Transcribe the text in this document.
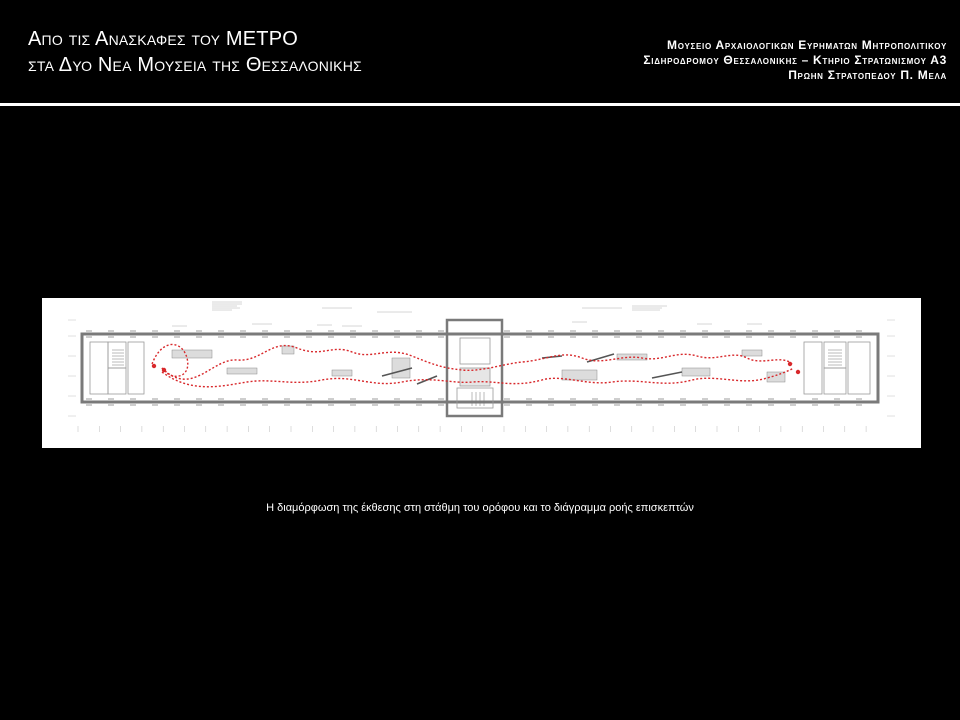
Απο τις Ανασκαφες του ΜΕΤΡΟ
στα Δυο Νεα Μουσεια της Θεσσαλονικης
Μουσειο Αρχαιολογικων Ευρηματων Μητροπολιτικου
Σιδηροδρομου Θεσσαλονικης – Κτηριο Στρατωνισμου Α3
Πρωην Στρατοπεδου Π. Μελα
Η διαμόρφωση της έκθεσης στη στάθμη του ορόφου και το διάγραμμα ροής επισκεπτών
